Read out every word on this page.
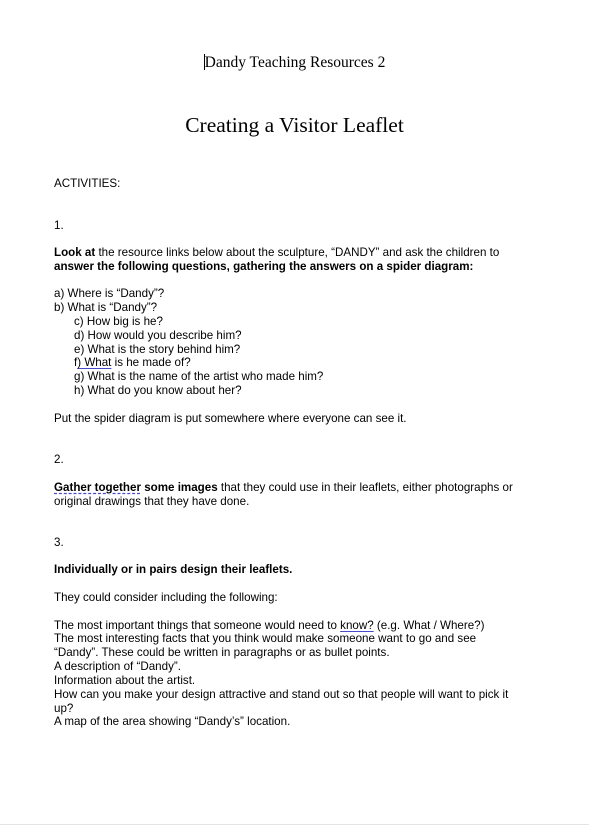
Dandy Teaching Resources 2
Creating a Visitor Leaflet
ACTIVITIES:
1.
Look at the resource links below about the sculpture, “DANDY” and ask the children to
answer the following questions, gathering the answers on a spider diagram:
a) Where is “Dandy”?
b) What is “Dandy”?
c) How big is he?
d) How would you describe him?
e) What is the story behind him?
f) What is he made of?
g) What is the name of the artist who made him?
h) What do you know about her?
Put the spider diagram is put somewhere where everyone can see it.
2.
Gather together some images that they could use in their leaflets, either photographs or
original drawings that they have done.
3.
Individually or in pairs design their leaflets.
They could consider including the following:
The most important things that someone would need to know? (e.g. What / Where?)
The most interesting facts that you think would make someone want to go and see
“Dandy”. These could be written in paragraphs or as bullet points.
A description of “Dandy”.
Information about the artist.
How can you make your design attractive and stand out so that people will want to pick it
up?
A map of the area showing “Dandy’s” location.
